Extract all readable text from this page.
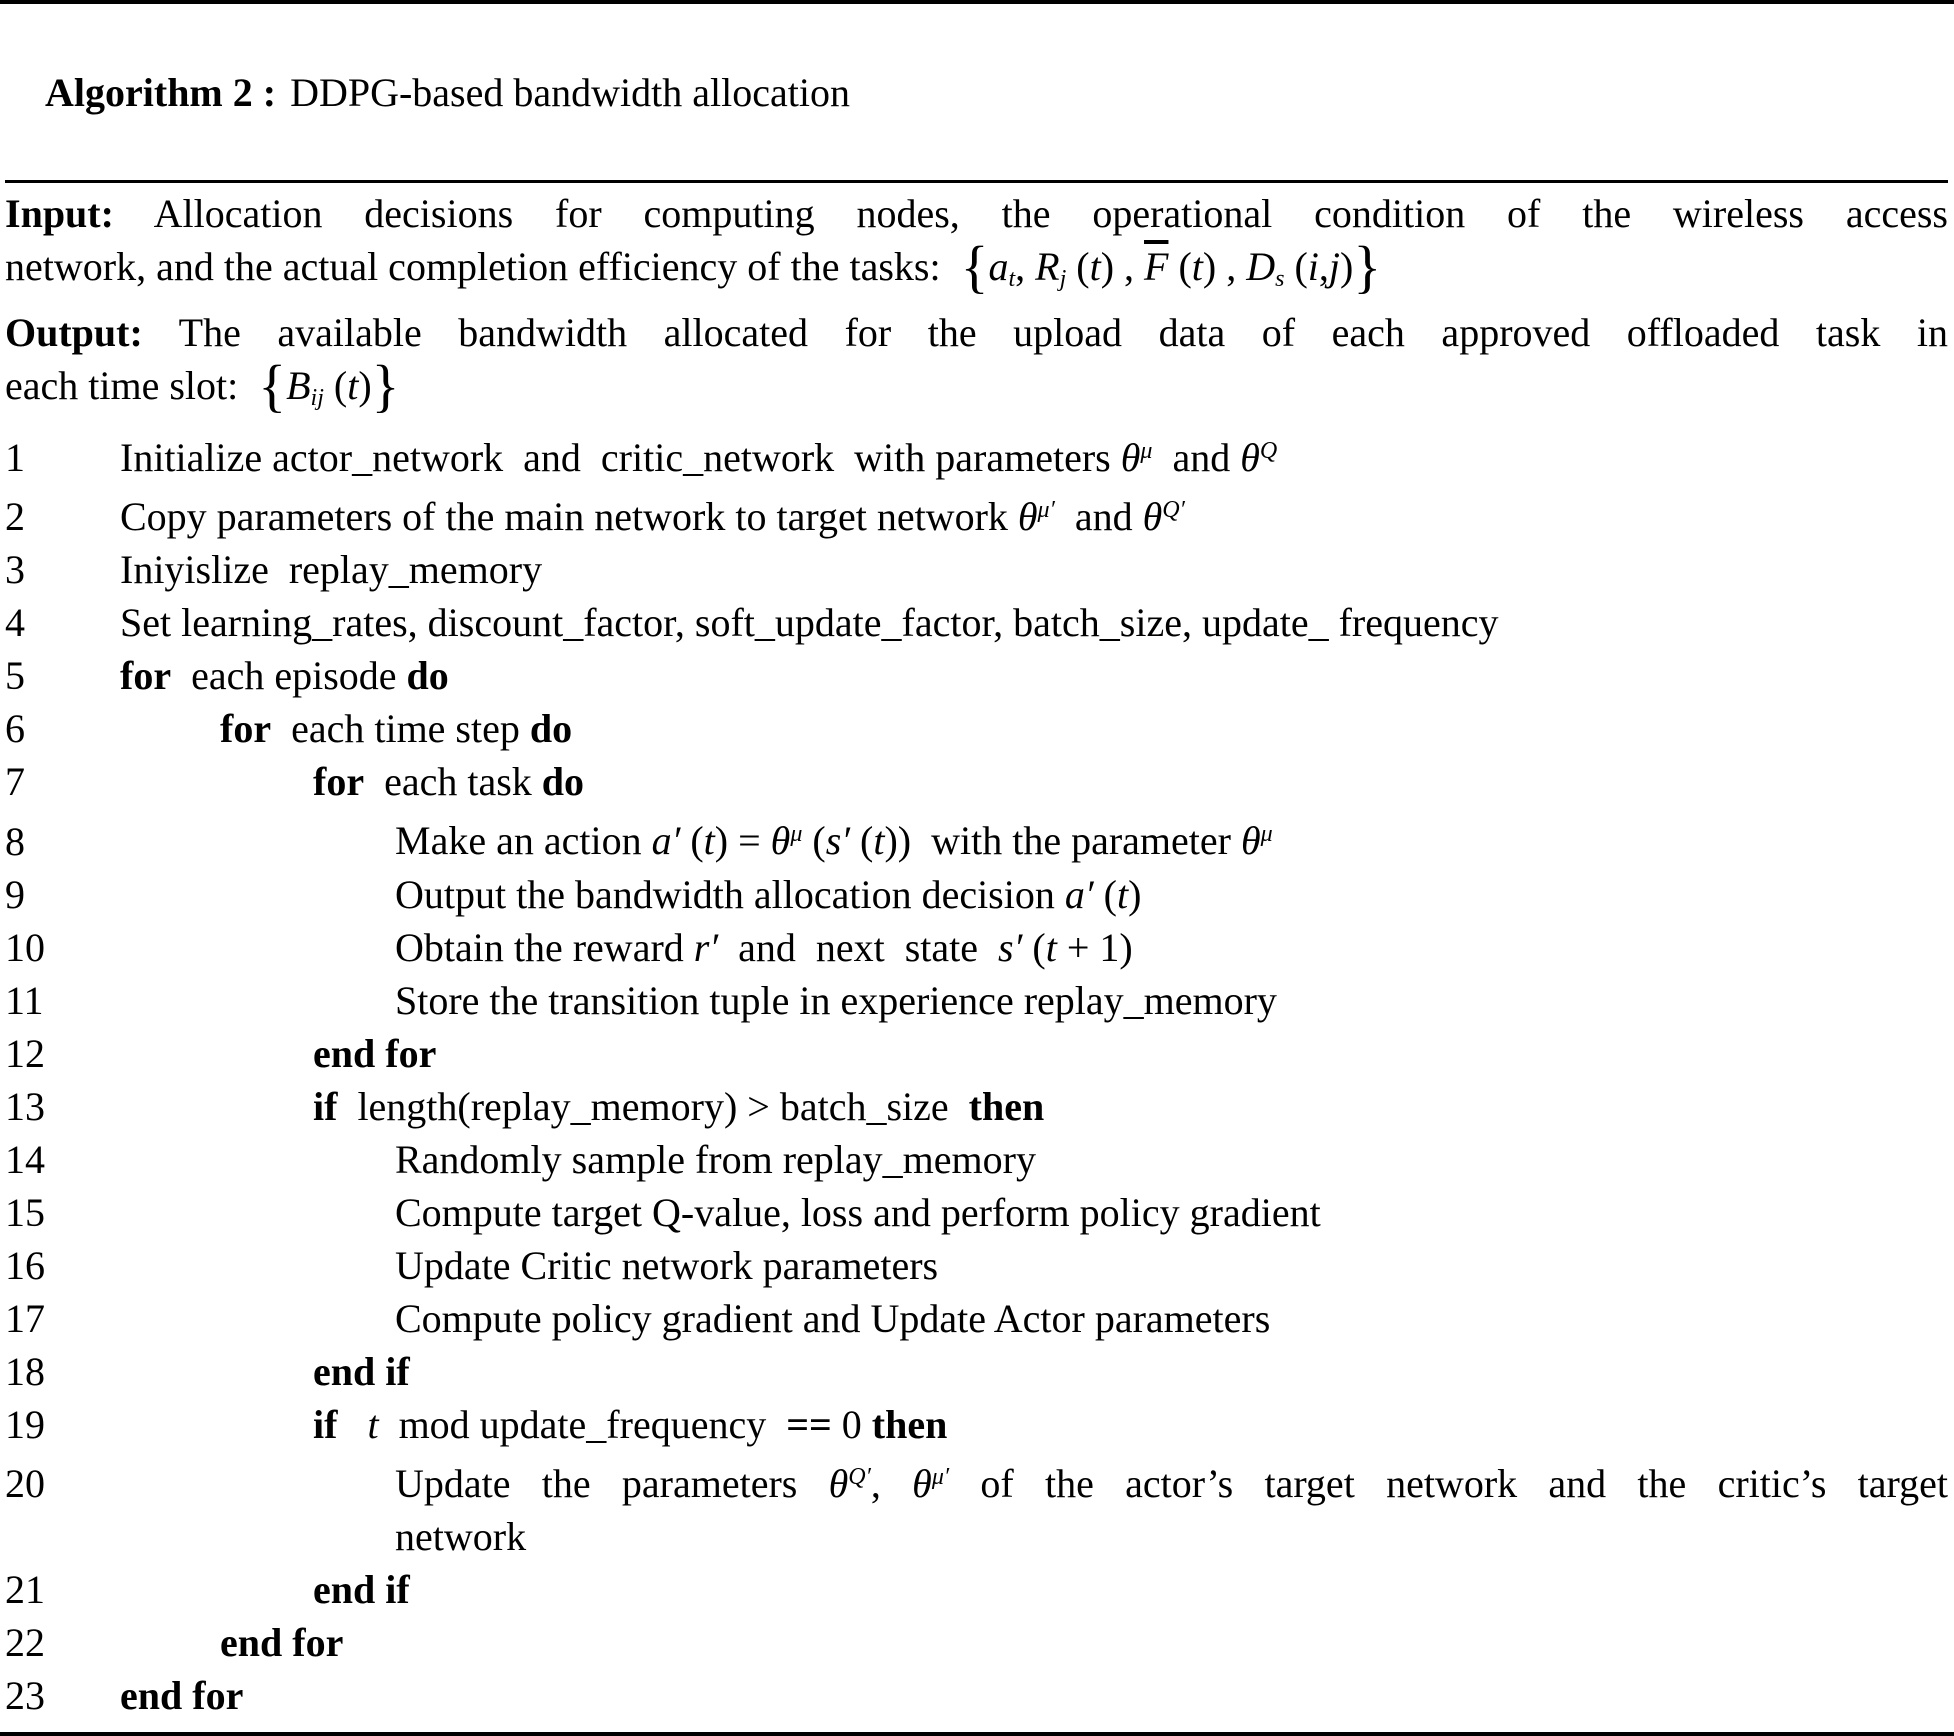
Algorithm 2 : DDPG-based bandwidth allocation

Input: Allocation decisions for computing nodes, the operational condition of the wireless access
network, and the actual completion efficiency of the tasks:  {at, Rj (t) , $\overline{F}$ (t) , Ds (i,j)}
Output: The available bandwidth allocated for the upload data of each approved offloaded task in
each time slot:  {Bij (t)}
1	Initialize actor_network  and  critic_network  with parameters $\theta^\mu$  and $\theta^Q$
2	Copy parameters of the main network to target network $\theta^{\mu'}$  and $\theta^{Q'}$
3	Iniyislize  replay_memory
4	Set learning_rates, discount_factor, soft_update_factor, batch_size, update_ frequency
5	for  each episode do
6	for  each time step do
7	for  each task do
8	Make an action a′ $(t) = \theta^\mu$ (s′ (t))  with the parameter $\theta^\mu$
9	Output the bandwidth allocation decision a′ (t)
10	Obtain the reward r′  and  next  state  s′ (t + 1)
11	Store the transition tuple in experience replay_memory
12	end for
13	if  length(replay_memory) > batch_size  then
14	Randomly sample from replay_memory
15	Compute target Q-value, loss and perform policy gradient
16	Update Critic network parameters
17	Compute policy gradient and Update Actor parameters
18	end if
19	if t  mod update_frequency  == 0 then
20	Update the parameters $\theta^{Q'}$, $\theta^{\mu'}$ of the actor’s target network and the critic’s target
network
21	end if
22	end for
23	end for
